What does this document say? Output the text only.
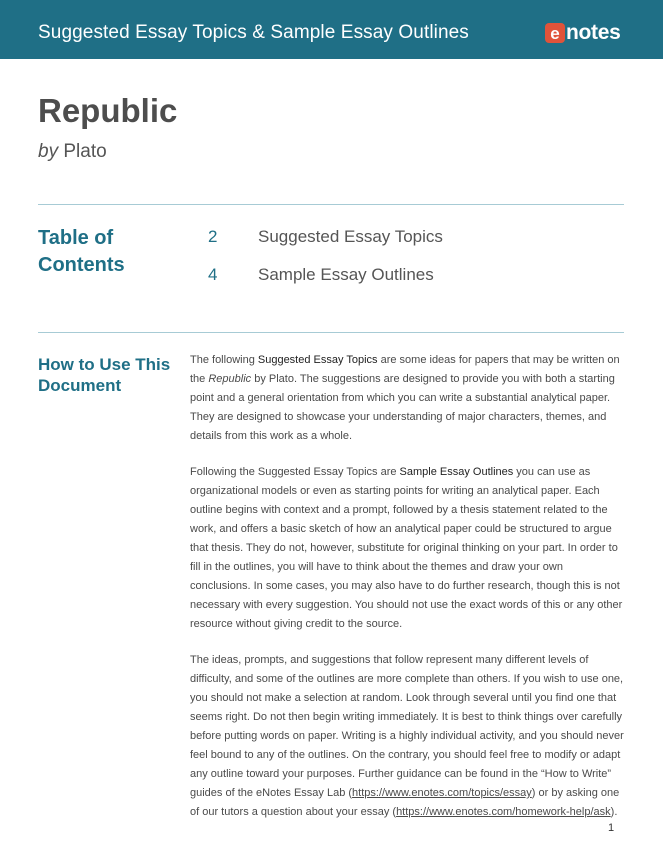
Suggested Essay Topics & Sample Essay Outlines	e notes
Republic
by Plato
Table of Contents
2 Suggested Essay Topics
4 Sample Essay Outlines
How to Use This Document

The following Suggested Essay Topics are some ideas for papers that may be written on the Republic by Plato. The suggestions are designed to provide you with both a starting point and a general orientation from which you can write a substantial analytical paper. They are designed to showcase your understanding of major characters, themes, and details from this work as a whole.

Following the Suggested Essay Topics are Sample Essay Outlines you can use as organizational models or even as starting points for writing an analytical paper. Each outline begins with context and a prompt, followed by a thesis statement related to the work, and offers a basic sketch of how an analytical paper could be structured to argue that thesis. They do not, however, substitute for original thinking on your part. In order to fill in the outlines, you will have to think about the themes and draw your own conclusions. In some cases, you may also have to do further research, though this is not necessary with every suggestion. You should not use the exact words of this or any other resource without giving credit to the source.

The ideas, prompts, and suggestions that follow represent many different levels of difficulty, and some of the outlines are more complete than others. If you wish to use one, you should not make a selection at random. Look through several until you find one that seems right. Do not then begin writing immediately. It is best to think things over carefully before putting words on paper. Writing is a highly individual activity, and you should never feel bound to any of the outlines. On the contrary, you should feel free to modify or adapt any outline toward your purposes. Further guidance can be found in the “How to Write” guides of the eNotes Essay Lab (https://www.enotes.com/topics/essay) or by asking one of our tutors a question about your essay (https://www.enotes.com/homework-help/ask).

1
